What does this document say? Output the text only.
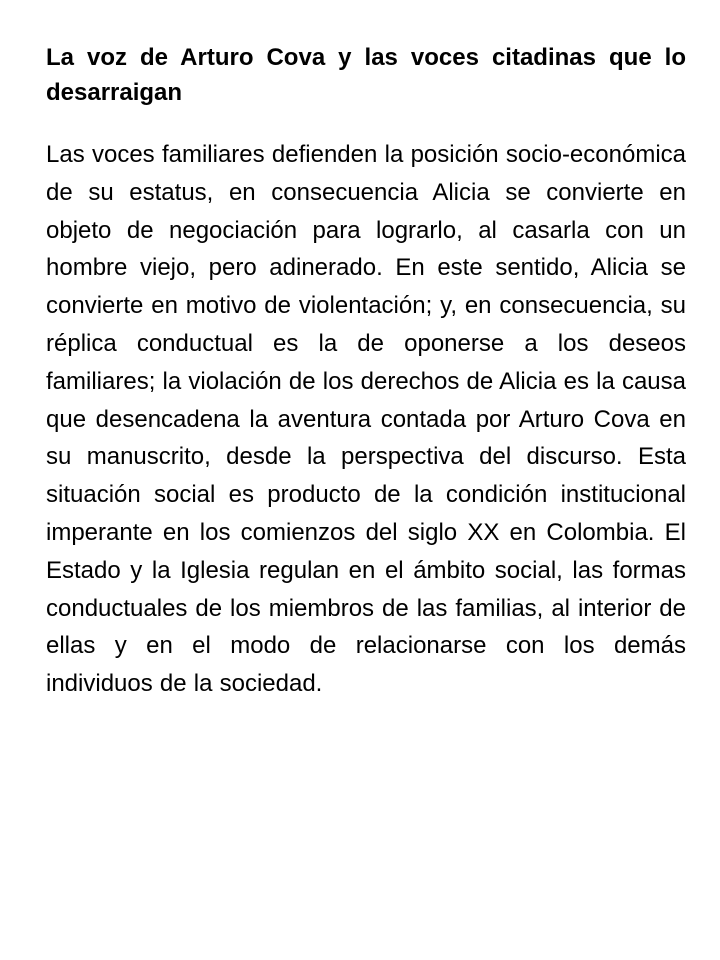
La voz de Arturo Cova y las voces citadinas que lo desarraigan

Las voces familiares defienden la posición socio-económica de su estatus, en consecuencia Alicia se convierte en objeto de negociación para lograrlo, al casarla con un hombre viejo, pero adinerado. En este sentido, Alicia se convierte en motivo de violentación; y, en consecuencia, su réplica conductual es la de oponerse a los deseos familiares; la violación de los derechos de Alicia es la causa que desencadena la aventura contada por Arturo Cova en su manuscrito, desde la perspectiva del discurso. Esta situación social es producto de la condición institucional imperante en los comienzos del siglo XX en Colombia. El Estado y la Iglesia regulan en el ámbito social, las formas conductuales de los miembros de las familias, al interior de ellas y en el modo de relacionarse con los demás individuos de la sociedad.
